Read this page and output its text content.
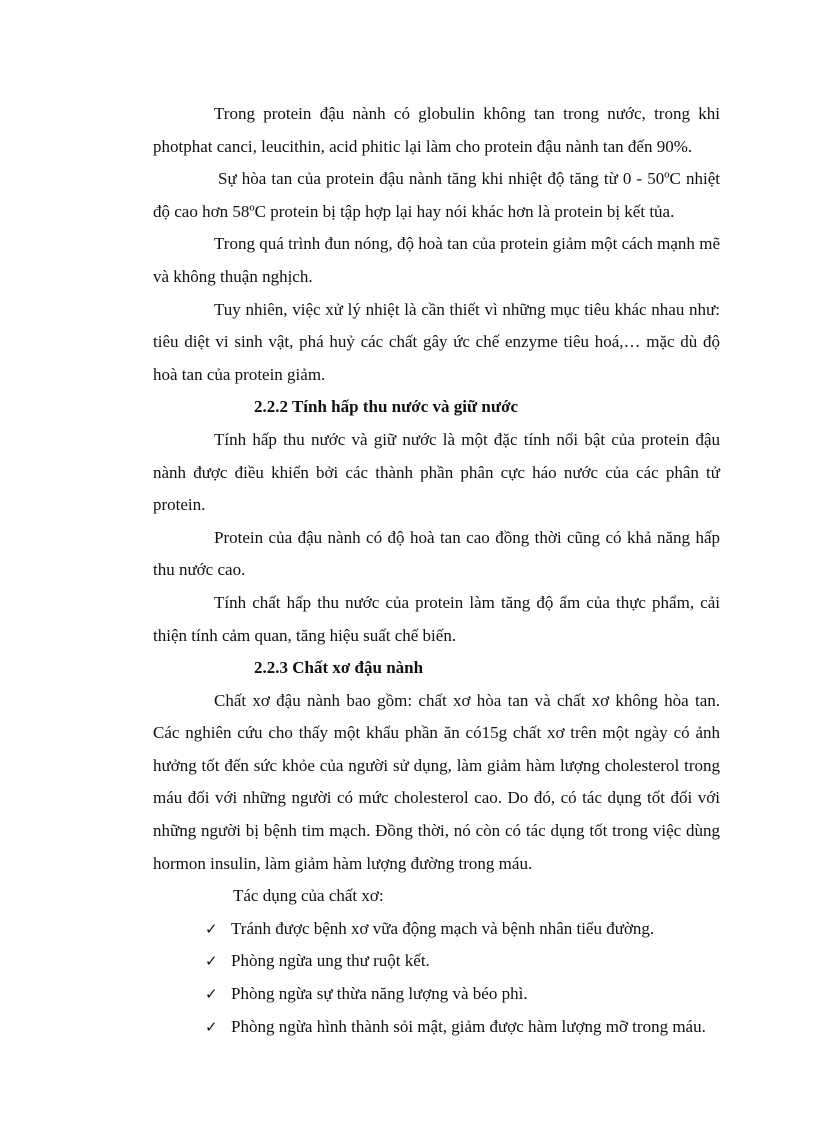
Trong protein đậu nành có globulin không tan trong nước, trong khi photphat canci, leucithin, acid phitic lại làm cho protein đậu nành tan đến 90%.

Sự hòa tan của protein đậu nành tăng khi nhiệt độ tăng từ 0 - 50ºC nhiệt độ cao hơn 58ºC protein bị tập hợp lại hay nói khác hơn là protein bị kết tủa.

Trong quá trình đun nóng, độ hoà tan của protein giảm một cách mạnh mẽ và không thuận nghịch.

Tuy nhiên, việc xử lý nhiệt là cần thiết vì những mục tiêu khác nhau như: tiêu diệt vi sinh vật, phá huỷ các chất gây ức chế enzyme tiêu hoá,… mặc dù độ hoà tan của protein giảm.

2.2.2 Tính hấp thu nước và giữ nước

Tính hấp thu nước và giữ nước là một đặc tính nổi bật của protein đậu nành được điều khiển bởi các thành phần phân cực háo nước của các phân tử protein.

Protein của đậu nành có độ hoà tan cao đồng thời cũng có khả năng hấp thu nước cao.

Tính chất hấp thu nước của protein làm tăng độ ẩm của thực phẩm, cải thiện tính cảm quan, tăng hiệu suất chế biến.

2.2.3 Chất xơ đậu nành

Chất xơ đậu nành bao gồm: chất xơ hòa tan và chất xơ không hòa tan. Các nghiên cứu cho thấy một khẩu phần ăn có15g chất xơ trên một ngày có ảnh hưởng tốt đến sức khỏe của người sử dụng, làm giảm hàm lượng cholesterol trong máu đối với những người có mức cholesterol cao. Do đó, có tác dụng tốt đối với những người bị bệnh tim mạch. Đồng thời, nó còn có tác dụng tốt trong việc dùng hormon insulin, làm giảm hàm lượng đường trong máu.

Tác dụng của chất xơ:

✓ Tránh được bệnh xơ vữa động mạch và bệnh nhân tiểu đường.
✓ Phòng ngừa ung thư ruột kết.
✓ Phòng ngừa sự thừa năng lượng và béo phì.
✓ Phòng ngừa hình thành sỏi mật, giảm được hàm lượng mỡ trong máu.
